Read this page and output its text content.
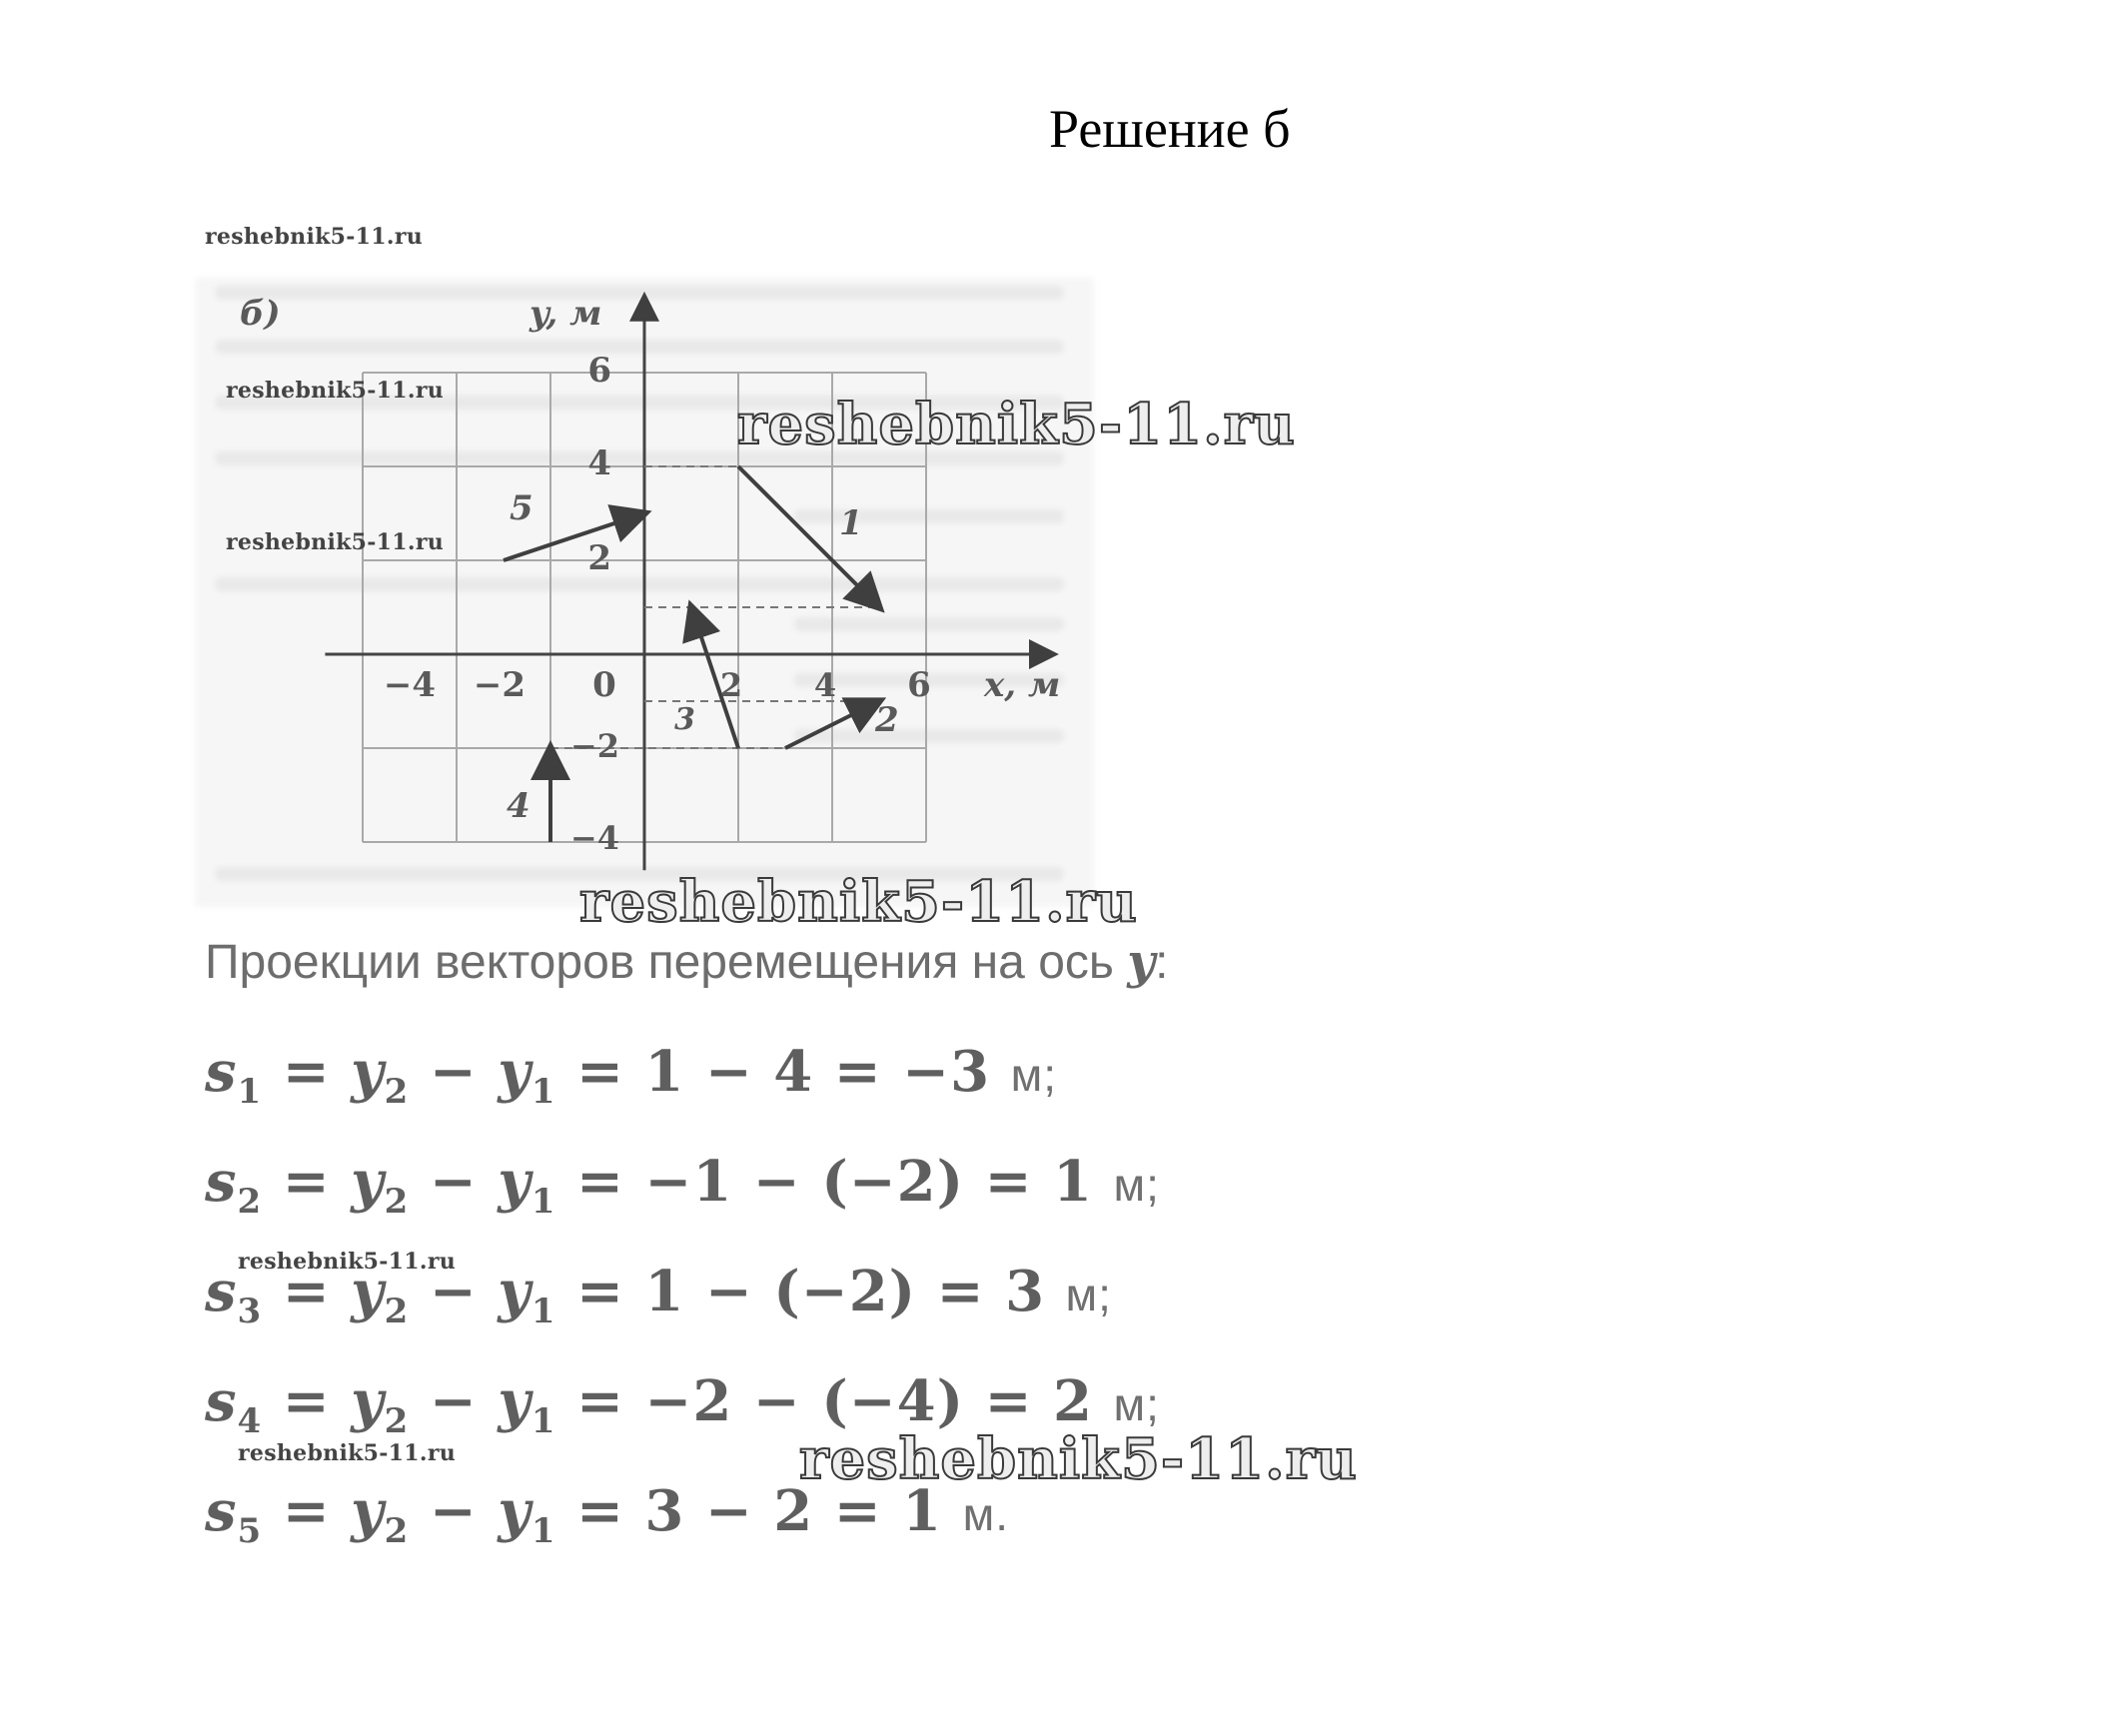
Решение б
б)	y, м
x, м
−4 −2 0	2 4 6
6
4
2
−2
−4
1
2
3
4
5
reshebnik5-11.ru
reshebnik5-11.ru
reshebnik5-11.ru
reshebnik5-11.ru
reshebnik5-11.ru
reshebnik5-11.ru
reshebnik5-11.ru
reshebnik5-11.ru
Проекции векторов перемещения на ось y:
$s_1 = y_2 - y_1 = 1 - 4 = -3$ м;
$s_2 = y_2 - y_1 = -1 - (-2) = 1$ м;
$s_3 = y_2 - y_1 = 1 - (-2) = 3$ м;
$s_4 = y_2 - y_1 = -2 - (-4) = 2$ м;
$s_5 = y_2 - y_1 = 3 - 2 = 1$ м.
